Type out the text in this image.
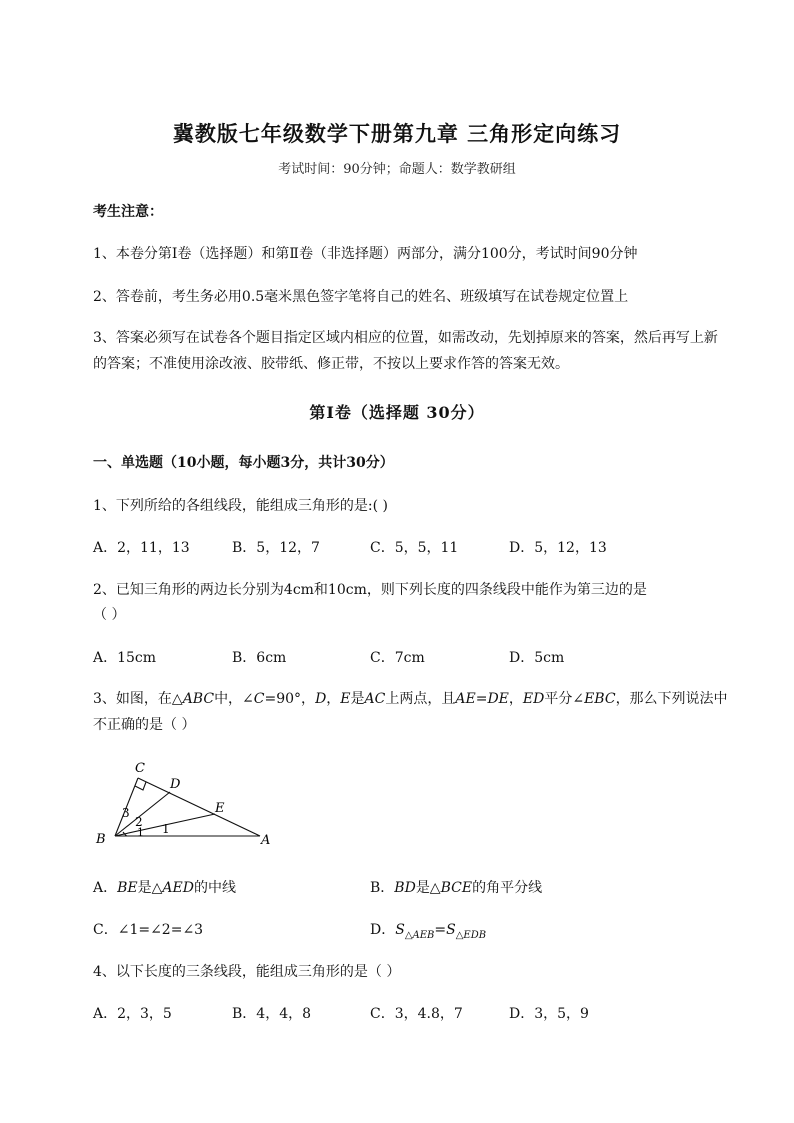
冀教版七年级数学下册第九章 三角形定向练习
考试时间：90分钟；命题人：数学教研组
考生注意：
1、本卷分第I卷（选择题）和第Ⅱ卷（非选择题）两部分，满分100分，考试时间90分钟
2、答卷前，考生务必用0.5毫米黑色签字笔将自己的姓名、班级填写在试卷规定位置上
3、答案必须写在试卷各个题目指定区域内相应的位置，如需改动，先划掉原来的答案，然后再写上新
的答案；不准使用涂改液、胶带纸、修正带，不按以上要求作答的答案无效。
第I卷（选择题 30分）
一、单选题（10小题，每小题3分，共计30分）
1、下列所给的各组线段，能组成三角形的是:( )
A．2，11，13	B．5，12，7	C．5，5，11	D．5，12，13
2、已知三角形的两边长分别为4cm和10cm，则下列长度的四条线段中能作为第三边的是
（ ）
A．15cm	B．6cm	C．7cm	D．5cm
3、如图，在△ABC中，∠C=90°，D，E是AC上两点，且AE=DE，ED平分∠EBC，那么下列说法中
不正确的是（ ）
C
D
E
B	A
3
2
1 1
A．BE是△AED的中线	B．BD是△BCE的角平分线
C．∠1=∠2=∠3	D．$S_{\triangle AEB}=S_{\triangle EDB}$
4、以下长度的三条线段，能组成三角形的是（ ）
A．2，3，5	B．4，4，8	C．3，4.8，7	D．3，5，9
